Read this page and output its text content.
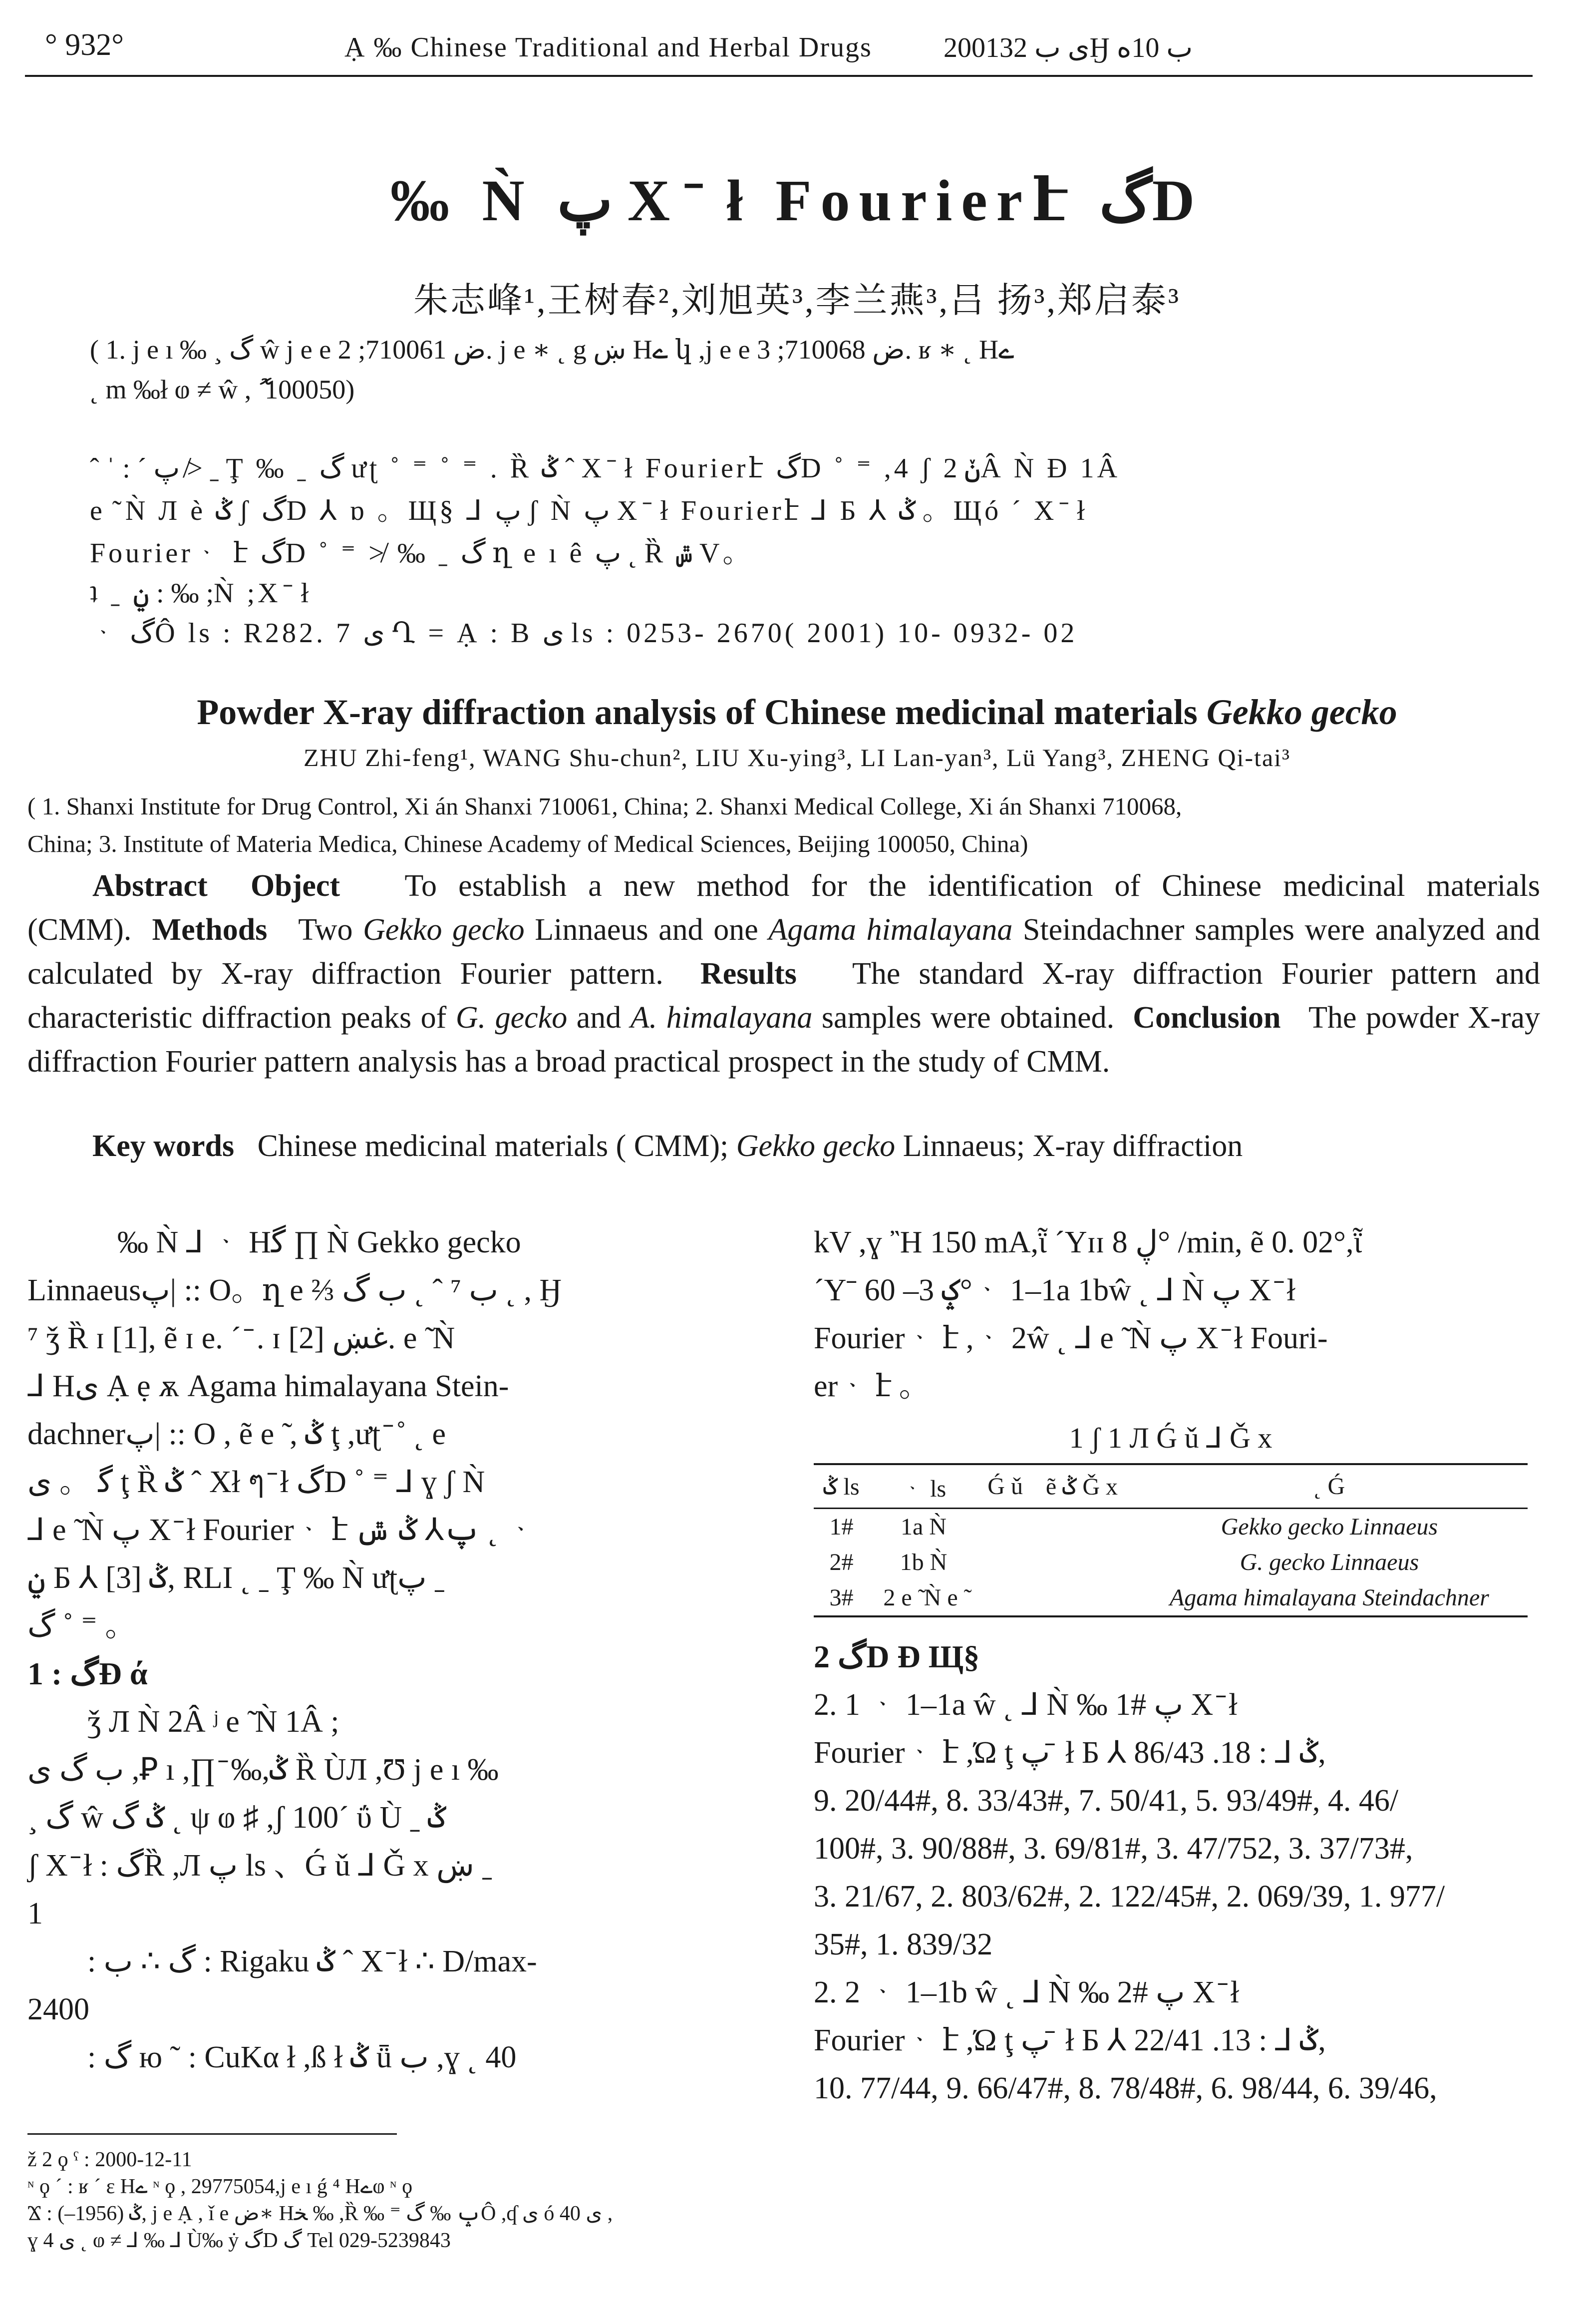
° 932°	Ạ ‰ Chinese Traditional and Herbal Drugs	2001ى ب 32Ӈ ب 10ه
‰ Ǹ پ X ̄ ł Fourierէ گD
朱志峰¹,王树春²,刘旭英³,李兰燕³,吕 扬³,郑启泰³
( 1. j e ı ‰ ¸ گ ŵ j e e ض 710061; 2. j e ∗ ˛ g ښ Hے կ ,j e e ض 710068; 3. ʁ ∗ ˛ Hے
˛ m ‰ł ⱷ ≠ ŵ , ޮ 100050)
ˆ ˈ : ˊ پ ≯ ˍ Ţ ‰ ˍ گ ưʈ ˚ ⁼ ˚ ⁼ . Ȑ ݣ ˆ X ̄ ł Fourierէ گD ˚ ⁼ ,4 ʃ ݩ 2Â Ǹ Ɖ 1Â
e ̃ Ǹ Л è ݣ ʃ گD ⅄ ɒ 。Щ§ ⅃ پ ʃ Ǹ پ X ̄ ł Fourierէ ⅃ Ƃ ⅄ ݣ 。Щó ˊ X ̄ ł
Fourierᆞ է گD ˚ ⁼ ≯ ‰ ˍ گ ղ e ı ê پ ˛ Ȑ ݜ V。
ʇ ˍ ݧ : ‰ ;Ǹ ;X ̄ ł
ᆞ گÔ ls : R282. 7 ی Ղ = Ạ : B ی ls : 0253- 2670( 2001) 10- 0932- 02
Powder X-ray diffraction analysis of Chinese medicinal materials Gekko gecko
ZHU Zhi-feng¹, WANG Shu-chun², LIU Xu-ying³, LI Lan-yan³, Lü Yang³, ZHENG Qi-tai³
( 1. Shanxi Institute for Drug Control, Xi án Shanxi 710061, China; 2. Shanxi Medical College, Xi án Shanxi 710068,
China; 3. Institute of Materia Medica, Chinese Academy of Medical Sciences, Beijing 100050, China)
Abstract Object To establish a new method for the identification of Chinese medicinal materials (CMM). Methods Two Gekko gecko Linnaeus and one Agama himalayana Steindachner samples were analyzed and calculated by X-ray diffraction Fourier pattern. Results The standard X-ray diffraction Fourier pattern and characteristic diffraction peaks of G. gecko and A. himalayana samples were obtained. Conclusion The powder X-ray diffraction Fourier pattern analysis has a broad practical prospect in the study of CMM.
Key words Chinese medicinal materials ( CMM); Gekko gecko Linnaeus; X-ray diffraction
‰ Ǹ ⅃ ᆞ Hﮔ ∏ Ǹ Gekko gecko
Linnaeusپ| :: O。ղ e ⅔ ب ⁷ ˆ ˛ ب گ ˛ , Ӈ
⁷ ǯ Ȑ ɪ [1], ẽ ɪ e. ˊ ̄ . ɪ غښ [2]. e ̃ Ǹ
⅃ Hﻯ Ạ ẹ ѫ Agama himalayana Stein-
dachnerپ| :: O , ẽ e ̃ , ݣ ţ ,ưʈ ̄ ˚ ˛ e
ﮔ 。 ی ţ Ȑ ݣ ˆ Xł ๆ ̄ ł گD ˚ ⁼ ⅃ ɣ ʃ Ǹ
⅃ e ̃ Ǹ پ X ̄ ł Fourierᆞ է پ⅄ ݣ ݜ ˛ ᆞ
ݧ Ƃ ⅄ ݣ [3], RLI ˛ ˍ Ţ ‰ Ǹ ưʈپ ˍ
گ ˚ ⁼ 。
1 : گƉ ά
ǯ Л Ǹ 2Â ʲ e ̃ Ǹ 1Â ;
ب گ ی ,Ꝑ ı ,∏ ̄ ‰,ݣ Ȑ ÙЛ ,Ʊ j e ı ‰
¸ گ ŵ ݣ گ ˛ ψ ⱷ ♯ ,ʃ 100ˊ ΰ Ù ˍ ݣ
ʃ X ̄ ł : گȐ ,Л پ ls 、Ǵ ǔ ⅃ Ǧ x ښ ˍ
1
: گ ∴ ب : Rigaku ݣ ˆ X ̄ ł ∴ D/max-
2400
: گ ю ˜ : CuKα ł ,ß ł ݣ ǖ ب ,ɣ ˛ 40
kV ,ɣ ῍H 150 mA,ῗ ˊYɪɪ ڸ 8° /min, ẽ 0. 02°,ῗ
ˊYˉ ݤ 3– 60°ᆞ 1–1a 1bŵ ˛ ⅃ Ǹ پ X ̄ ł
Fourierᆞ է ,ᆞ 2ŵ ˛ ⅃ e ̃ Ǹ پ X ̄ ł Fouri-
erᆞ է 。
1 ʃ 1 Л Ǵ ǔ ⅃ Ǧ x
ݣ ls	ᆞ ls	Ǵ ǔ	ẽ ݣ Ǧ x	˛ Ǵ
1#	1a Ǹ			Gekko gecko Linnaeus
2#	1b Ǹ			G. gecko Linnaeus
3#	2 e ̃ Ǹ e ̃			Agama himalayana Steindachner
2 گD Ɖ Щ§
2. 1 ᆞ 1–1a ŵ ˛ ⅃ Ǹ ‰ 1# پ X ̄ ł
Fourierᆞ է ,Ώ ţ پ ̄ ł Ƃ ⅄ ݣ ⅃ : 18. 86/43,
9. 20/44#, 8. 33/43#, 7. 50/41, 5. 93/49#, 4. 46/
100#, 3. 90/88#, 3. 69/81#, 3. 47/752, 3. 37/73#,
3. 21/67, 2. 803/62#, 2. 122/45#, 2. 069/39, 1. 977/
35#, 1. 839/32
2. 2 ᆞ 1–1b ŵ ˛ ⅃ Ǹ ‰ 2# پ X ̄ ł
Fourierᆞ է ,Ώ ţ پ ̄ ł Ƃ ⅄ ݣ ⅃ : 13. 22/41,
10. 77/44, 9. 66/47#, 8. 78/48#, 6. 98/44, 6. 39/46,
ž 2 ϙ ˁ : 2000-12-11
ᶰ ϙ ˊ : ʁ ˊ ε Hے ᶰ ϙ , 29775054,j e ı ǵ ⁴ Hےⱷ ᶰ ϙ
Ϫ : ݣ (1956–), j e Ạ , ǐ e ض∗ Hﺨ ‰ ,Ȑ ‰ ⁼ ݒ ‰ گÔ ,ʠ ی ó ی 40 ,
ɣ ی 4 ˛ ⱷ ≠ ⅃ ‰ ⅃ Ù‰ ẏ گD گ Tel 029-5239843
